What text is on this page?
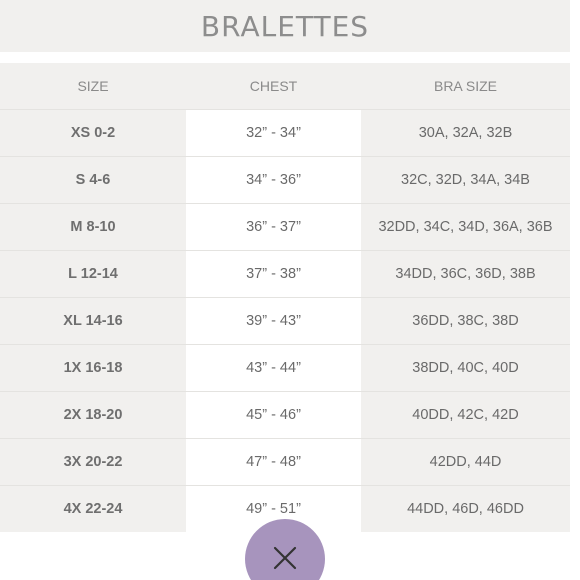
BRALETTES
SIZE	CHEST	BRA SIZE
XS 0-2	32” - 34”	30A, 32A, 32B
S 4-6	34” - 36”	32C, 32D, 34A, 34B
M 8-10	36” - 37”	32DD, 34C, 34D, 36A, 36B
L 12-14	37” - 38”	34DD, 36C, 36D, 38B
XL 14-16	39” - 43”	36DD, 38C, 38D
1X 16-18	43” - 44”	38DD, 40C, 40D
2X 18-20	45” - 46”	40DD, 42C, 42D
3X 20-22	47” - 48”	42DD, 44D
4X 22-24	49” - 51”	44DD, 46D, 46DD
